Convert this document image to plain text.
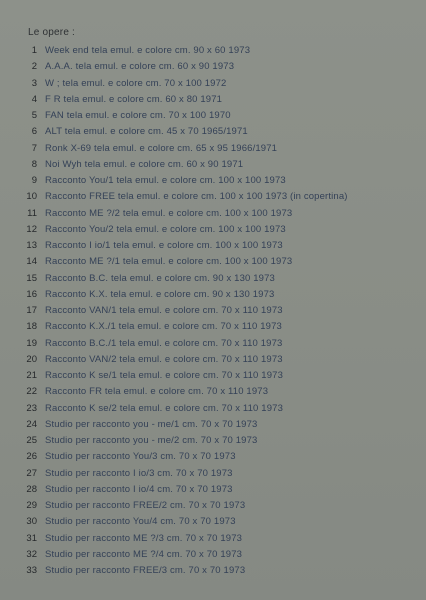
Le opere :
1 Week end tela emul. e colore cm. 90 x 60 1973
2 A.A.A. tela emul. e colore cm. 60 x 90 1973
3 W ; tela emul. e colore cm. 70 x 100 1972
4 F R tela emul. e colore cm. 60 x 80 1971
5 FAN tela emul. e colore cm. 70 x 100 1970
6 ALT tela emul. e colore cm. 45 x 70 1965/1971
7 Ronk X-69 tela emul. e colore cm. 65 x 95 1966/1971
8 Noi Wyh tela emul. e colore cm. 60 x 90 1971
9 Racconto You/1 tela emul. e colore cm. 100 x 100 1973
10 Racconto FREE tela emul. e colore cm. 100 x 100 1973 (in copertina)
11 Racconto ME ?/2 tela emul. e colore cm. 100 x 100 1973
12 Racconto You/2 tela emul. e colore cm. 100 x 100 1973
13 Racconto I io/1 tela emul. e colore cm. 100 x 100 1973
14 Racconto ME ?/1 tela emul. e colore cm. 100 x 100 1973
15 Racconto B.C. tela emul. e colore cm. 90 x 130 1973
16 Racconto K.X. tela emul. e colore cm. 90 x 130 1973
17 Racconto VAN/1 tela emul. e colore cm. 70 x 110 1973
18 Racconto K.X./1 tela emul. e colore cm. 70 x 110 1973
19 Racconto B.C./1 tela emul. e colore cm. 70 x 110 1973
20 Racconto VAN/2 tela emul. e colore cm. 70 x 110 1973
21 Racconto K se/1 tela emul. e colore cm. 70 x 110 1973
22 Racconto FR tela emul. e colore cm. 70 x 110 1973
23 Racconto K se/2 tela emul. e colore cm. 70 x 110 1973
24 Studio per racconto you - me/1 cm. 70 x 70 1973
25 Studio per racconto you - me/2 cm. 70 x 70 1973
26 Studio per racconto You/3 cm. 70 x 70 1973
27 Studio per racconto I io/3 cm. 70 x 70 1973
28 Studio per racconto I io/4 cm. 70 x 70 1973
29 Studio per racconto FREE/2 cm. 70 x 70 1973
30 Studio per racconto You/4 cm. 70 x 70 1973
31 Studio per racconto ME ?/3 cm. 70 x 70 1973
32 Studio per racconto ME ?/4 cm. 70 x 70 1973
33 Studio per racconto FREE/3 cm. 70 x 70 1973
